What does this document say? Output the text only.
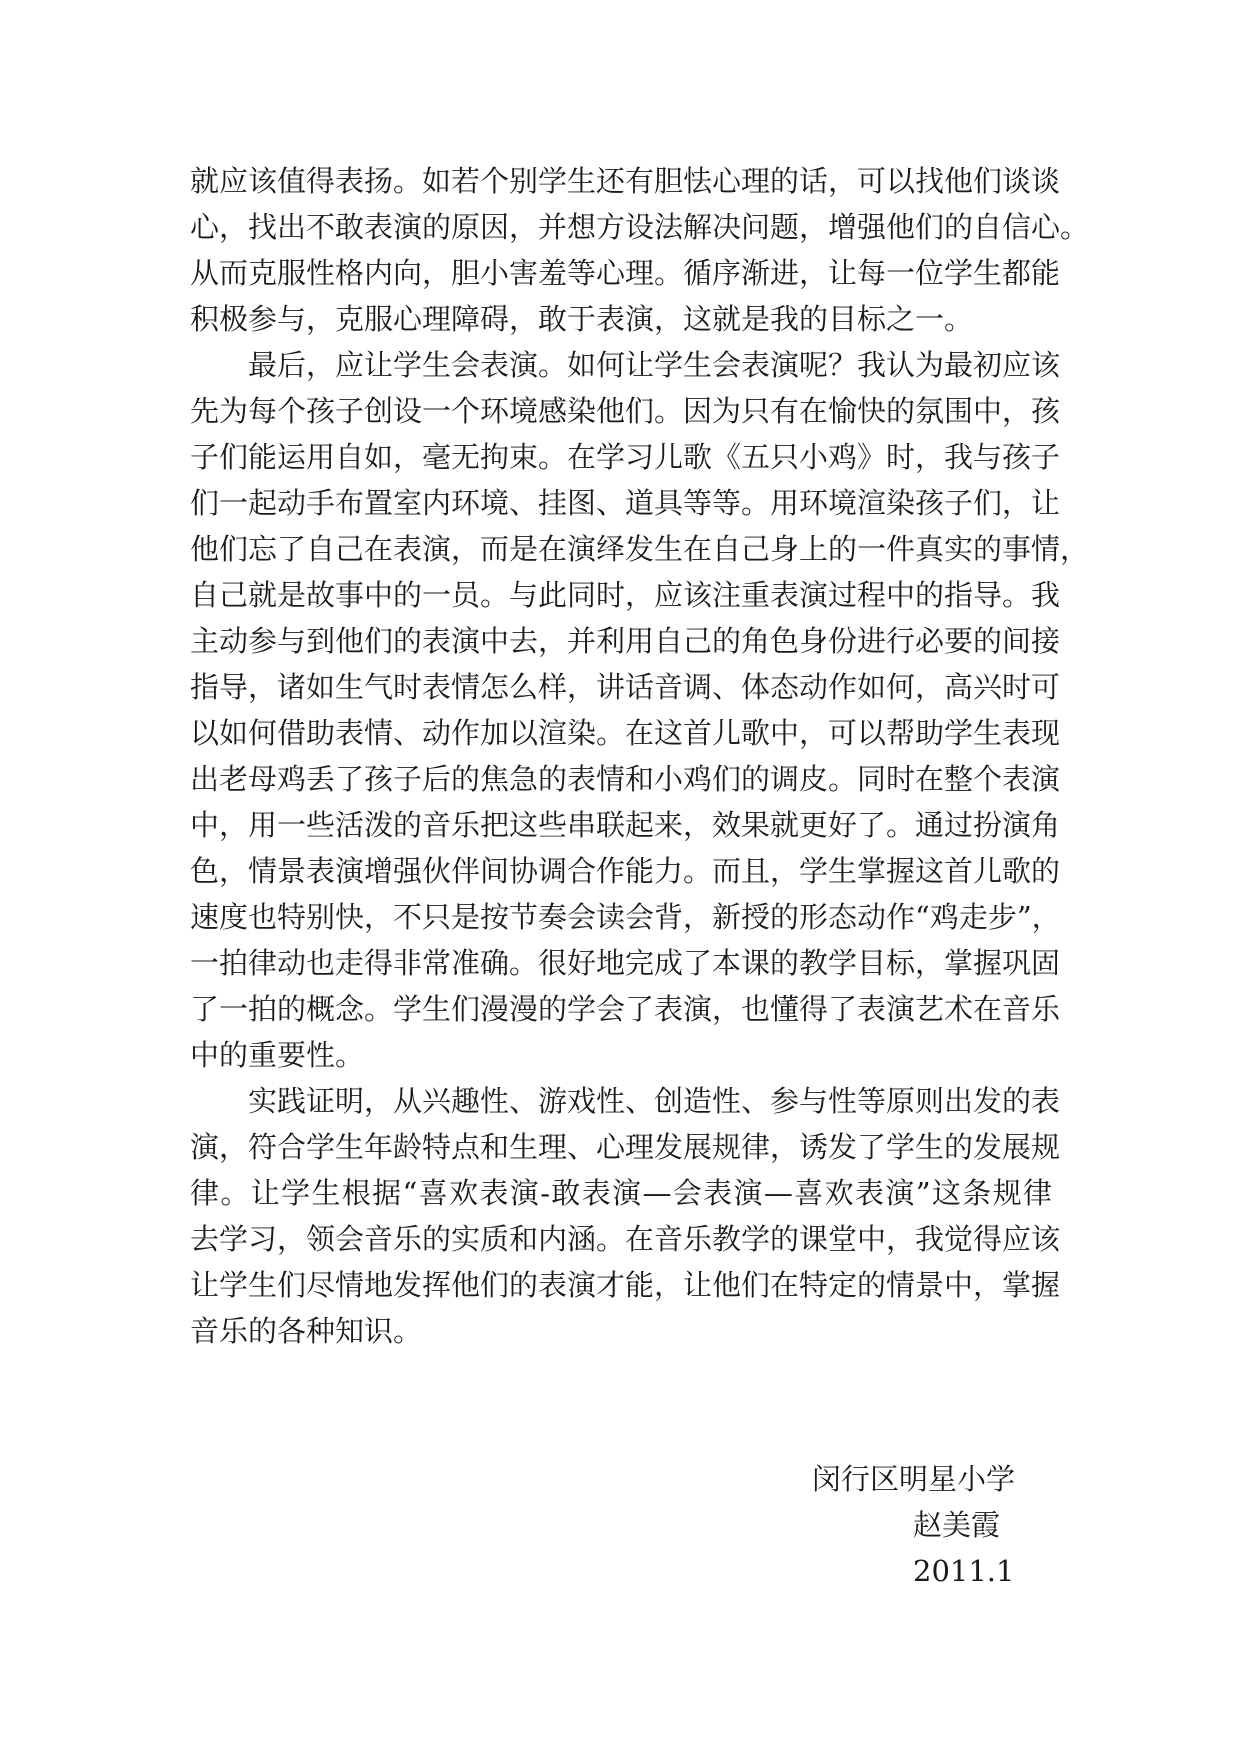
就应该值得表扬。如若个别学生还有胆怯心理的话，可以找他们谈谈
心，找出不敢表演的原因，并想方设法解决问题，增强他们的自信心。
从而克服性格内向，胆小害羞等心理。循序渐进，让每一位学生都能
积极参与，克服心理障碍，敢于表演，这就是我的目标之一。
最后，应让学生会表演。如何让学生会表演呢？我认为最初应该
先为每个孩子创设一个环境感染他们。因为只有在愉快的氛围中，孩
子们能运用自如，毫无拘束。在学习儿歌《五只小鸡》时，我与孩子
们一起动手布置室内环境、挂图、道具等等。用环境渲染孩子们，让
他们忘了自己在表演，而是在演绎发生在自己身上的一件真实的事情，
自己就是故事中的一员。与此同时，应该注重表演过程中的指导。我
主动参与到他们的表演中去，并利用自己的角色身份进行必要的间接
指导，诸如生气时表情怎么样，讲话音调、体态动作如何，高兴时可
以如何借助表情、动作加以渲染。在这首儿歌中，可以帮助学生表现
出老母鸡丢了孩子后的焦急的表情和小鸡们的调皮。同时在整个表演
中，用一些活泼的音乐把这些串联起来，效果就更好了。通过扮演角
色，情景表演增强伙伴间协调合作能力。而且，学生掌握这首儿歌的
速度也特别快，不只是按节奏会读会背，新授的形态动作“鸡走步”，
一拍律动也走得非常准确。很好地完成了本课的教学目标，掌握巩固
了一拍的概念。学生们漫漫的学会了表演，也懂得了表演艺术在音乐
中的重要性。
实践证明，从兴趣性、游戏性、创造性、参与性等原则出发的表
演，符合学生年龄特点和生理、心理发展规律，诱发了学生的发展规
律。让学生根据“喜欢表演-敢表演—会表演—喜欢表演”这条规律
去学习，领会音乐的实质和内涵。在音乐教学的课堂中，我觉得应该
让学生们尽情地发挥他们的表演才能，让他们在特定的情景中，掌握
音乐的各种知识。
闵行区明星小学
赵美霞
2011.1
